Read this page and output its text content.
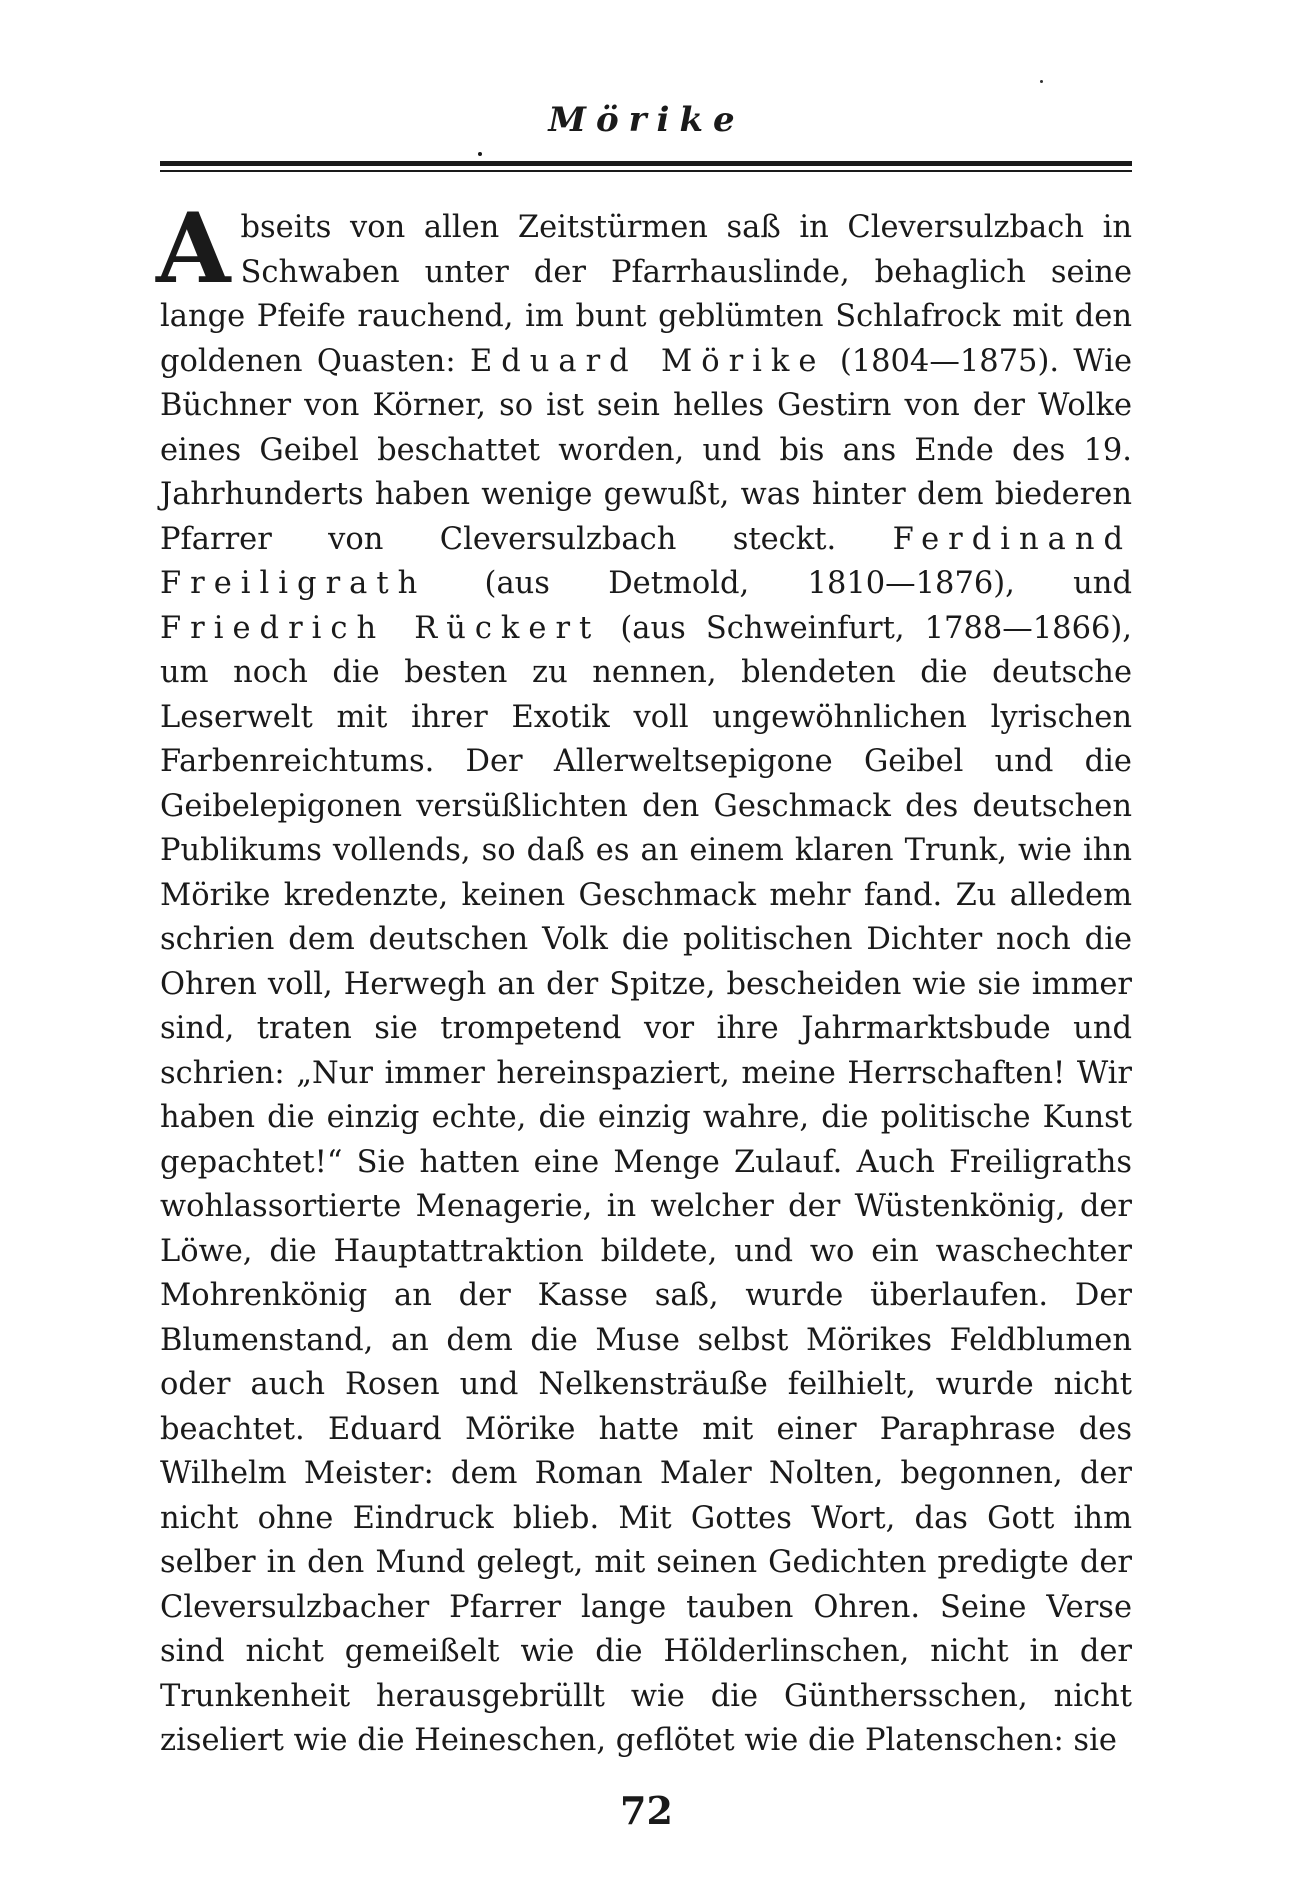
Mörike

Abseits von allen Zeitstürmen saß in Cleversulzbach in Schwaben unter der Pfarrhauslinde, behaglich seine lange Pfeife rauchend, im bunt geblümten Schlafrock mit den goldenen Quasten: Eduard Mörike (1804—1875). Wie Büchner von Körner, so ist sein helles Gestirn von der Wolke eines Geibel beschattet worden, und bis ans Ende des 19. Jahrhunderts haben wenige gewußt, was hinter dem biederen Pfarrer von Cleversulzbach steckt. Ferdinand Freiligrath (aus Detmold, 1810—1876), und Friedrich Rückert (aus Schweinfurt, 1788—1866), um noch die besten zu nennen, blendeten die deutsche Leserwelt mit ihrer Exotik voll ungewöhnlichen lyrischen Farbenreichtums. Der Allerweltsepigone Geibel und die Geibelepigonen versüßlichten den Geschmack des deutschen Publikums vollends, so daß es an einem klaren Trunk, wie ihn Mörike kredenzte, keinen Geschmack mehr fand. Zu alledem schrien dem deutschen Volk die politischen Dichter noch die Ohren voll, Herwegh an der Spitze, bescheiden wie sie immer sind, traten sie trompetend vor ihre Jahrmarktsbude und schrien: „Nur immer hereinspaziert, meine Herrschaften! Wir haben die einzig echte, die einzig wahre, die politische Kunst gepachtet!“ Sie hatten eine Menge Zulauf. Auch Freiligraths wohlassortierte Menagerie, in welcher der Wüstenkönig, der Löwe, die Hauptattraktion bildete, und wo ein waschechter Mohrenkönig an der Kasse saß, wurde überlaufen. Der Blumenstand, an dem die Muse selbst Mörikes Feldblumen oder auch Rosen und Nelkensträuße feilhielt, wurde nicht beachtet. Eduard Mörike hatte mit einer Paraphrase des Wilhelm Meister: dem Roman Maler Nolten, begonnen, der nicht ohne Eindruck blieb. Mit Gottes Wort, das Gott ihm selber in den Mund gelegt, mit seinen Gedichten predigte der Cleversulzbacher Pfarrer lange tauben Ohren. Seine Verse sind nicht gemeißelt wie die Hölderlinschen, nicht in der Trunkenheit herausgebrüllt wie die Günthersschen, nicht ziseliert wie die Heineschen, geflötet wie die Platenschen: sie

72
